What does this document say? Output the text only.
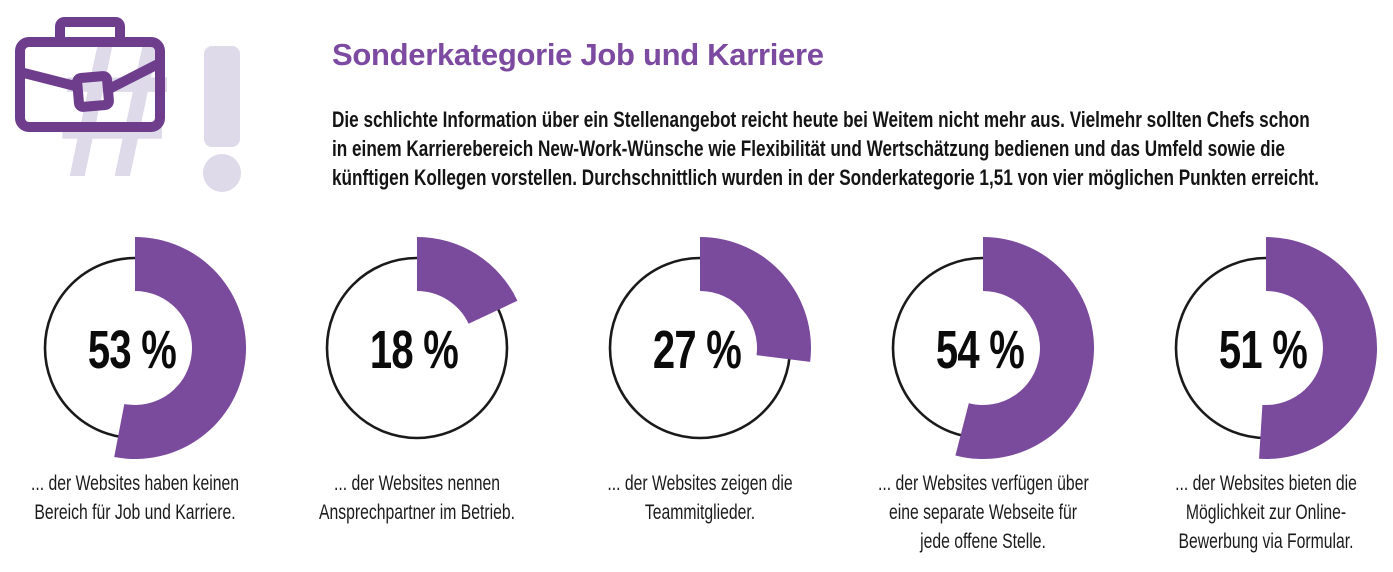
#	Sonderkategorie Job und Karriere
Die schlichte Information über ein Stellenangebot reicht heute bei Weitem nicht mehr aus. Vielmehr sollten Chefs schon
in einem Karrierebereich New-Work-Wünsche wie Flexibilität und Wertschätzung bedienen und das Umfeld sowie die
künftigen Kollegen vorstellen. Durchschnittlich wurden in der Sonderkategorie 1,51 von vier möglichen Punkten erreicht.
53 %
... der Websites haben keinen
Bereich für Job und Karriere.
18 %
... der Websites nennen
Ansprechpartner im Betrieb.
27 %
... der Websites zeigen die
Teammitglieder.
54 %
... der Websites verfügen über
eine separate Webseite für
jede offene Stelle.
51 %
... der Websites bieten die
Möglichkeit zur Online-
Bewerbung via Formular.
